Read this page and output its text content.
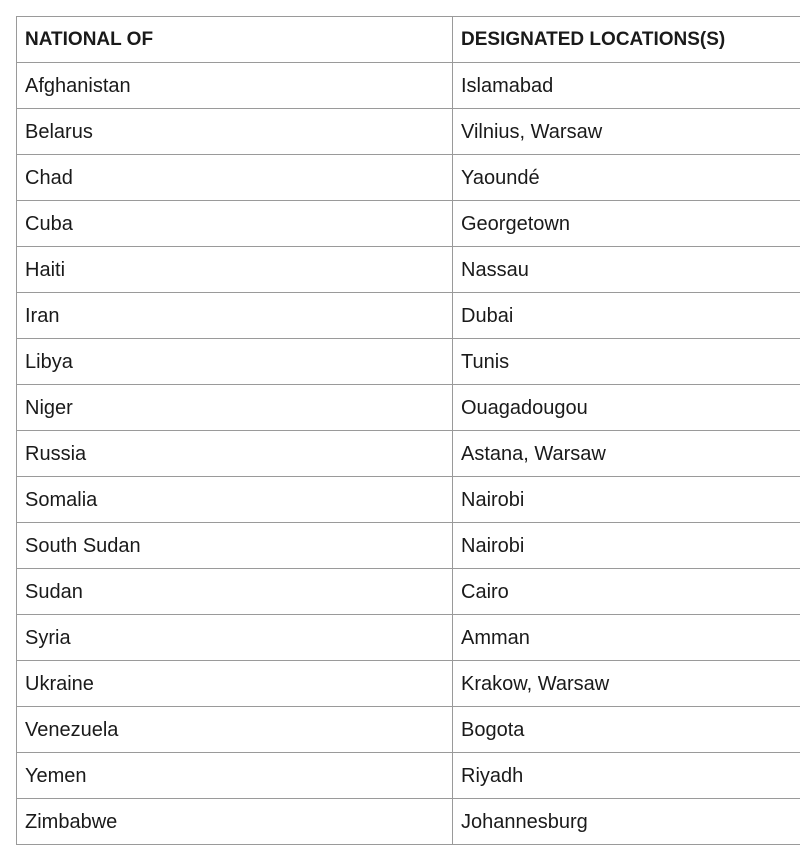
NATIONAL OF	DESIGNATED LOCATIONS(S)
Afghanistan	Islamabad
Belarus	Vilnius, Warsaw
Chad	Yaoundé
Cuba	Georgetown
Haiti	Nassau
Iran	Dubai
Libya	Tunis
Niger	Ouagadougou
Russia	Astana, Warsaw
Somalia	Nairobi
South Sudan	Nairobi
Sudan	Cairo
Syria	Amman
Ukraine	Krakow, Warsaw
Venezuela	Bogota
Yemen	Riyadh
Zimbabwe	Johannesburg
